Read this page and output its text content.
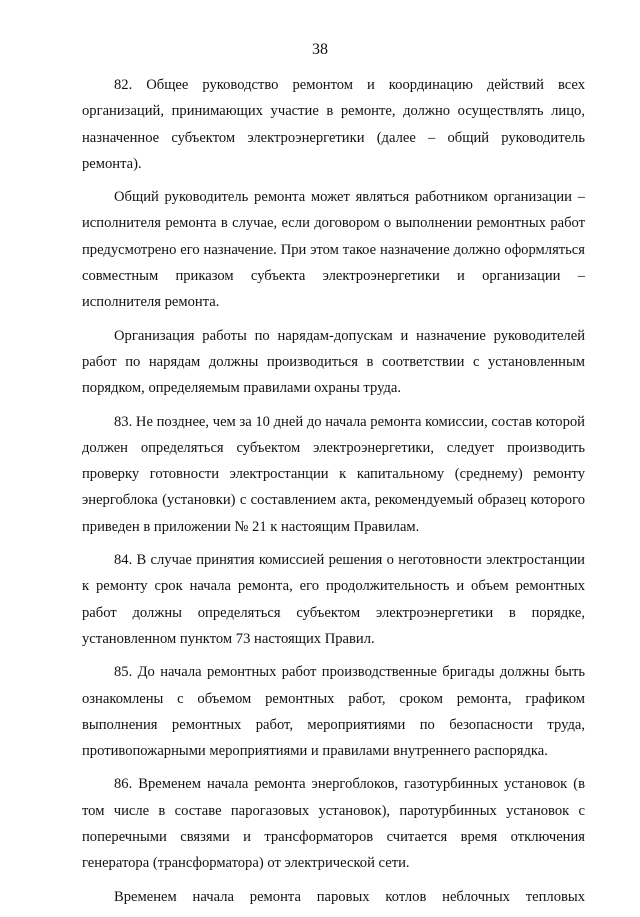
38

82. Общее руководство ремонтом и координацию действий всех организаций, принимающих участие в ремонте, должно осуществлять лицо, назначенное субъектом электроэнергетики (далее – общий руководитель ремонта).

Общий руководитель ремонта может являться работником организации – исполнителя ремонта в случае, если договором о выполнении ремонтных работ предусмотрено его назначение. При этом такое назначение должно оформляться совместным приказом субъекта электроэнергетики и организации – исполнителя ремонта.

Организация работы по нарядам-допускам и назначение руководителей работ по нарядам должны производиться в соответствии с установленным порядком, определяемым правилами охраны труда.

83. Не позднее, чем за 10 дней до начала ремонта комиссии, состав которой должен определяться субъектом электроэнергетики, следует производить проверку готовности электростанции к капитальному (среднему) ремонту энергоблока (установки) с составлением акта, рекомендуемый образец которого приведен в приложении № 21 к настоящим Правилам.

84. В случае принятия комиссией решения о неготовности электростанции к ремонту срок начала ремонта, его продолжительность и объем ремонтных работ должны определяться субъектом электроэнергетики в порядке, установленном пунктом 73 настоящих Правил.

85. До начала ремонтных работ производственные бригады должны быть ознакомлены с объемом ремонтных работ, сроком ремонта, графиком выполнения ремонтных работ, мероприятиями по безопасности труда, противопожарными мероприятиями и правилами внутреннего распорядка.

86. Временем начала ремонта энергоблоков, газотурбинных установок (в том числе в составе парогазовых установок), паротурбинных установок с поперечными связями и трансформаторов считается время отключения генератора (трансформатора) от электрической сети.

Временем начала ремонта паровых котлов неблочных тепловых
